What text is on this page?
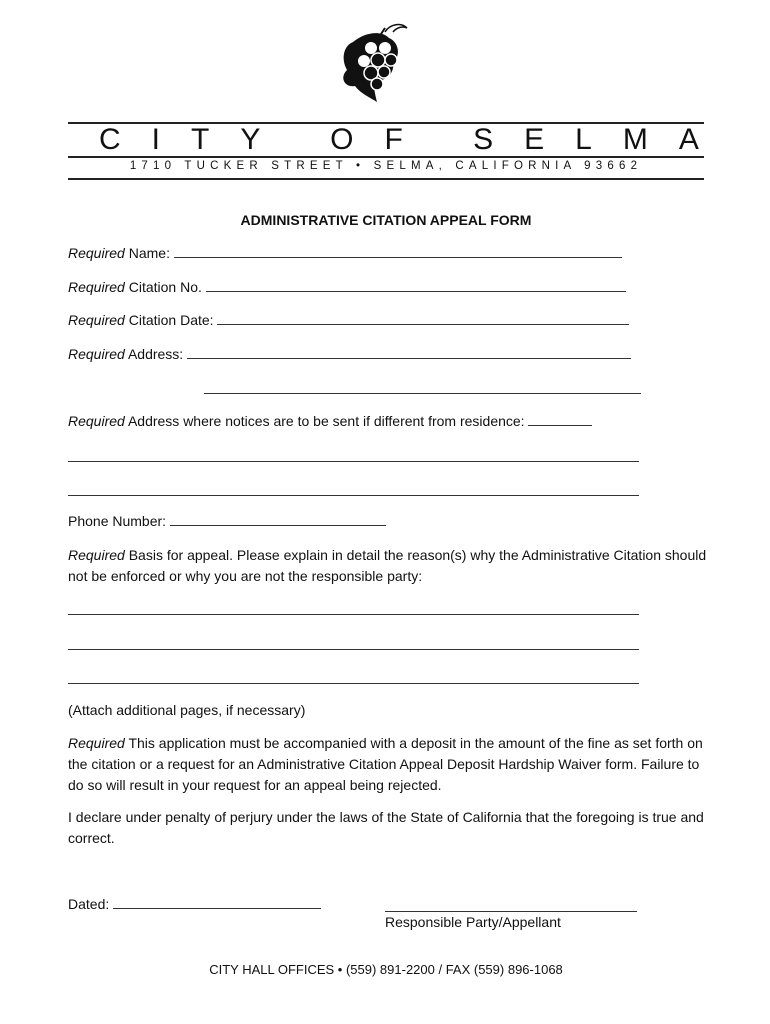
CITY OF SELMA
1710 TUCKER STREET • SELMA, CALIFORNIA 93662
ADMINISTRATIVE CITATION APPEAL FORM
Required Name:
Required Citation No.
Required Citation Date:
Required Address:
Required Address where notices are to be sent if different from residence:
Phone Number:
Required Basis for appeal. Please explain in detail the reason(s) why the Administrative Citation should not be enforced or why you are not the responsible party:
(Attach additional pages, if necessary)
Required This application must be accompanied with a deposit in the amount of the fine as set forth on the citation or a request for an Administrative Citation Appeal Deposit Hardship Waiver form. Failure to do so will result in your request for an appeal being rejected.
I declare under penalty of perjury under the laws of the State of California that the foregoing is true and correct.
Dated:
Responsible Party/Appellant
CITY HALL OFFICES • (559) 891-2200 / FAX (559) 896-1068
